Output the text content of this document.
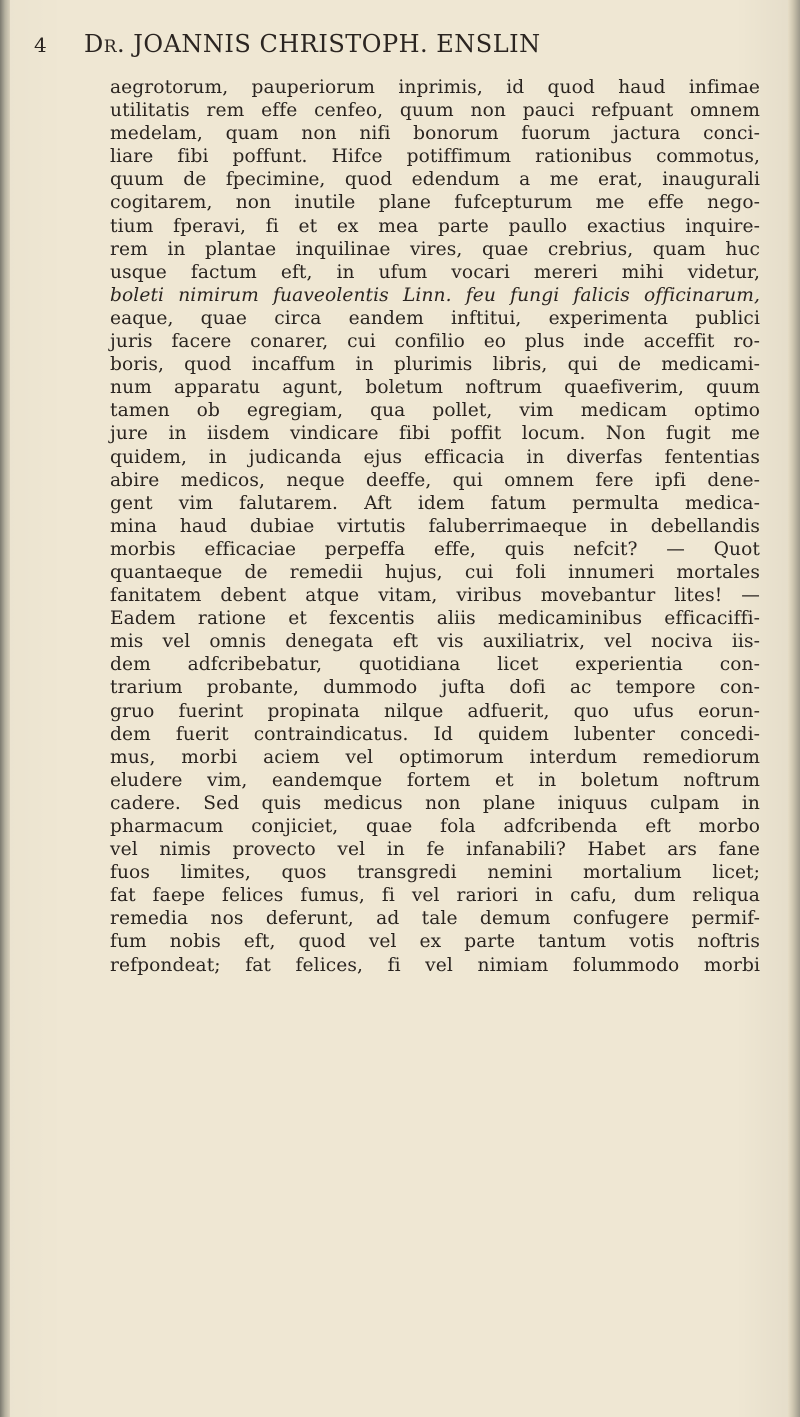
4 Dr. JOANNIS CHRISTOPH. ENSLIN
aegrotorum, pauperiorum inprimis, id quod haud infimae
utilitatis rem effe cenfeo, quum non pauci refpuant omnem
medelam, quam non nifi bonorum fuorum jactura conci-
liare fibi poffunt. Hifce potiffimum rationibus commotus,
quum de fpecimine, quod edendum a me erat, inaugurali
cogitarem, non inutile plane fufcepturum me effe nego-
tium fperavi, fi et ex mea parte paullo exactius inquire-
rem in plantae inquilinae vires, quae crebrius, quam huc
usque factum eft, in ufum vocari mereri mihi videtur,
boleti nimirum fuaveolentis Linn. feu fungi falicis officinarum,
eaque, quae circa eandem inftitui, experimenta publici
juris facere conarer, cui confilio eo plus inde acceffit ro-
boris, quod incaffum in plurimis libris, qui de medicami-
num apparatu agunt, boletum noftrum quaefiverim, quum
tamen ob egregiam, qua pollet, vim medicam optimo
jure in iisdem vindicare fibi poffit locum. Non fugit me
quidem, in judicanda ejus efficacia in diverfas fententias
abire medicos, neque deeffe, qui omnem fere ipfi dene-
gent vim falutarem. Aft idem fatum permulta medica-
mina haud dubiae virtutis faluberrimaeque in debellandis
morbis efficaciae perpeffa effe, quis nefcit? — Quot
quantaeque de remedii hujus, cui foli innumeri mortales
fanitatem debent atque vitam, viribus movebantur lites! —
Eadem ratione et fexcentis aliis medicaminibus efficaciffi-
mis vel omnis denegata eft vis auxiliatrix, vel nociva iis-
dem adfcribebatur, quotidiana licet experientia con-
trarium probante, dummodo jufta dofi ac tempore con-
gruo fuerint propinata nilque adfuerit, quo ufus eorun-
dem fuerit contraindicatus. Id quidem lubenter concedi-
mus, morbi aciem vel optimorum interdum remediorum
eludere vim, eandemque fortem et in boletum noftrum
cadere. Sed quis medicus non plane iniquus culpam in
pharmacum conjiciet, quae fola adfcribenda eft morbo
vel nimis provecto vel in fe infanabili? Habet ars fane
fuos limites, quos transgredi nemini mortalium licet;
fat faepe felices fumus, fi vel rariori in cafu, dum reliqua
remedia nos deferunt, ad tale demum confugere permif-
fum nobis eft, quod vel ex parte tantum votis noftris
refpondeat; fat felices, fi vel nimiam folummodo morbi
